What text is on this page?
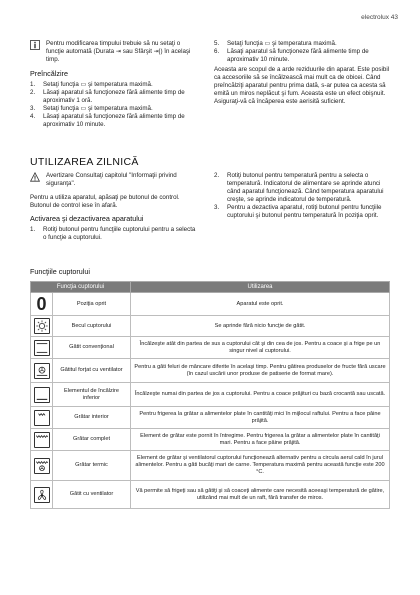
electrolux 43
Pentru modificarea timpului trebuie să nu setaţi o funcţie automată (Durata ⇥ sau Sfârşit ⇥|) în acelaşi timp.
Preîncălzire
1.	Setaţi funcţia ▭ şi temperatura maximă.
2.	Lăsaţi aparatul să funcţioneze fără alimente timp de aproximativ 1 oră.
3.	Setaţi funcţia ▭ şi temperatura maximă.
4.	Lăsaţi aparatul să funcţioneze fără alimente timp de aproximativ 10 minute.
5.	Setaţi funcţia ▭ şi temperatura maximă.
6.	Lăsaţi aparatul să funcţioneze fără alimente timp de aproximativ 10 minute.
Aceasta are scopul de a arde reziduurile din aparat. Este posibil ca accesoriile să se încălzească mai mult ca de obicei. Când preîncălziţi aparatul pentru prima dată, s-ar putea ca acesta să emită un miros neplăcut şi fum. Aceasta este un efect obişnuit. Asiguraţi-vă că încăperea este aerisită suficient.
UTILIZAREA ZILNICĂ
Avertizare Consultaţi capitolul "Informaţii privind siguranţa".
Pentru a utiliza aparatul, apăsaţi pe butonul de control. Butonul de control iese în afară.
Activarea şi dezactivarea aparatului
1.	Rotiţi butonul pentru funcţiile cuptorului pentru a selecta o funcţie a cuptorului.
2.	Rotiţi butonul pentru temperatură pentru a selecta o temperatură. Indicatorul de alimentare se aprinde atunci când aparatul funcţionează. Când temperatura aparatului creşte, se aprinde indicatorul de temperatură.
3.	Pentru a dezactiva aparatul, rotiţi butonul pentru funcţiile cuptorului şi butonul pentru temperatură în poziţia oprit.
Funcţiile cuptorului
Funcţia cuptorului		Utilizarea

0	Poziţia oprit	Aparatul este oprit.

	Becul cuptorului	Se aprinde fără nicio funcţie de gătit.

	Gătit convenţional	Încălzeşte atât din partea de sus a cuptorului cât şi din cea de jos. Pentru a coace şi a frige pe un singur nivel al cuptorului.

	Gătitul forţat cu ventilator	Pentru a găti feluri de mâncare diferite în acelaşi timp. Pentru gătirea produselor de fructe fără uscare (în cazul uscării unor produse de patiserie de format mare).

	Elementul de încălzire inferior	Încălzeşte numai din partea de jos a cuptorului. Pentru a coace prăjituri cu bază crocantă sau uscată.

	Grătar interior	Pentru frigerea la grătar a alimentelor plate în cantităţi mici în mijlocul raftului. Pentru a face pâine prăjită.

	Grătar complet	Element de grătar este pornit în întregime. Pentru frigerea la grătar a alimentelor plate în cantităţi mari. Pentru a face pâine prăjită.

	Grătar termic	Element de grătar şi ventilatorul cuptorului funcţionează alternativ pentru a circula aerul cald în jurul alimentelor. Pentru a găti bucăţi mari de carne. Temperatura maximă pentru această funcţie este 200 °C.

	Gătit cu ventilator	Vă permite să frigeţi sau să gătiţi şi să coaceţi alimente care necesită aceeaşi temperatură de gătire, utilizând mai mult de un raft, fără transfer de miros.
